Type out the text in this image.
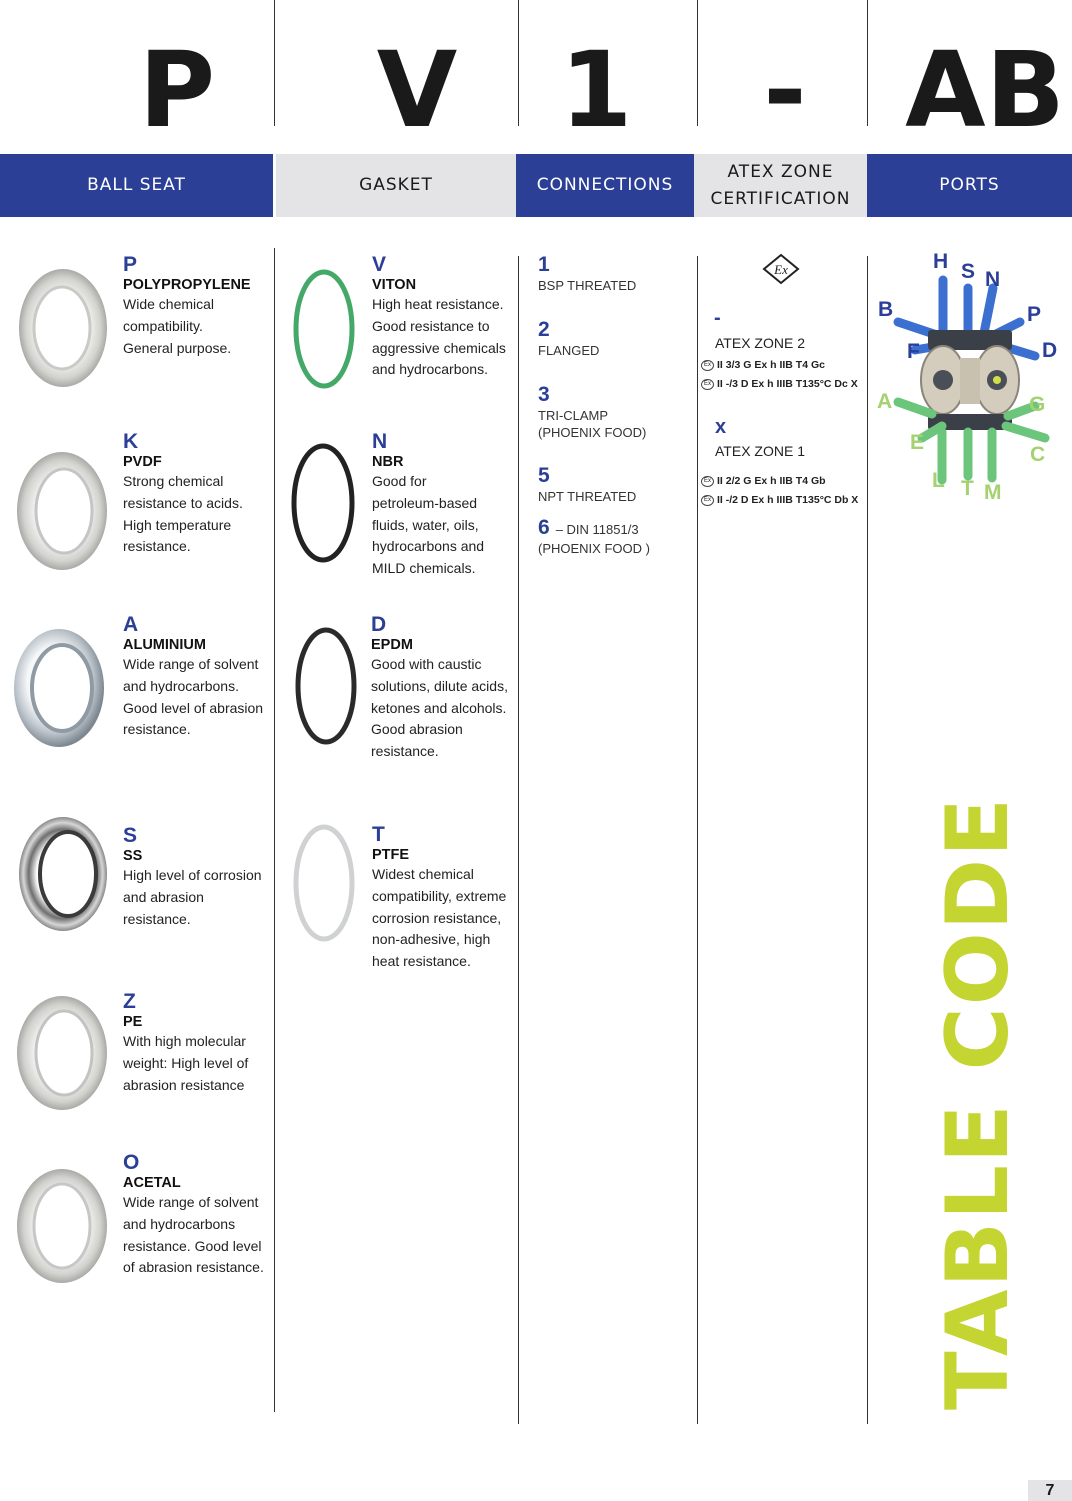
P V 1 - AB
BALL SEAT	GASKET	CONNECTIONS
ATEX ZONE
CERTIFICATION
PORTS
P
POLYPROPYLENE
Wide chemical
compatibility.
General purpose.
K
PVDF
Strong chemical
resistance to acids.
High temperature
resistance.
A
ALUMINIUM
Wide range of solvent
and hydrocarbons.
Good level of abrasion
resistance.
S
SS
High level of corrosion
and abrasion
resistance.
Z
PE
With high molecular
weight: High level of
abrasion resistance
O
ACETAL
Wide range of solvent
and hydrocarbons
resistance. Good level
of abrasion resistance.
V
VITON
High heat resistance.
Good resistance to
aggressive chemicals
and hydrocarbons.
N
NBR
Good for
petroleum-based
fluids, water, oils,
hydrocarbons and
MILD chemicals.
D
EPDM
Good with caustic
solutions, dilute acids,
ketones and alcohols.
Good abrasion
resistance.
T
PTFE
Widest chemical
compatibility, extreme
corrosion resistance,
non-adhesive, high
heat resistance.
1
BSP THREATED
2
FLANGED
3
TRI-CLAMP
(PHOENIX FOOD)
5
NPT THREATED
6 – DIN 11851/3
(PHOENIX FOOD )
Ex
-
ATEX ZONE 2
Ex II 3/3 G Ex h IIB T4 Gc
Ex II -/3 D Ex h IIIB T135°C Dc X
x
ATEX ZONE 1
Ex II 2/2 G Ex h IIB T4 Gb
Ex II -/2 D Ex h IIIB T135°C Db X
H S N
B	P
F	D
A	G
E
C
L T M
TABLE CODE
7
